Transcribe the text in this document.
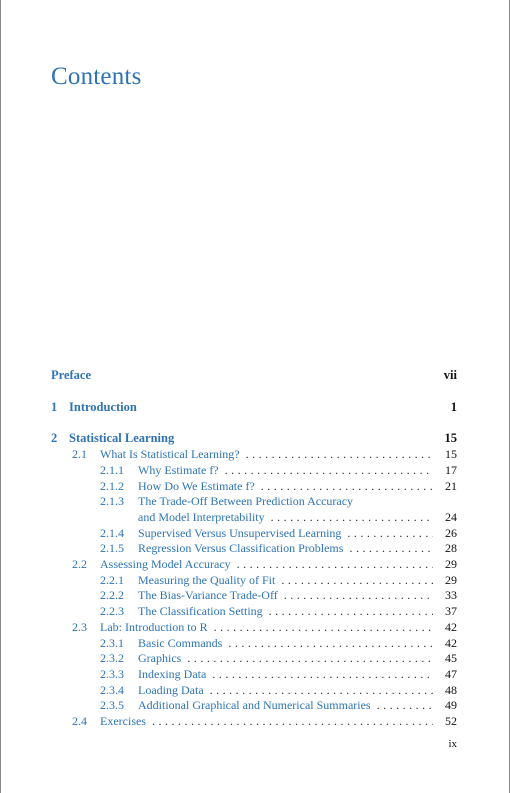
Contents
Preface	vii
1 Introduction	1
2 Statistical Learning	15
2.1	What Is Statistical Learning? . . .	15
2.1.1	Why Estimate f? . . .	17
2.1.2	How Do We Estimate f? . . .	21
2.1.3	The Trade-Off Between Prediction Accuracy
and Model Interpretability . . .	24
2.1.4	Supervised Versus Unsupervised Learning . . .	26
2.1.5	Regression Versus Classification Problems . . .	28
2.2	Assessing Model Accuracy . . .	29
2.2.1	Measuring the Quality of Fit . . .	29
2.2.2	The Bias-Variance Trade-Off . . .	33
2.2.3	The Classification Setting . . .	37
2.3	Lab: Introduction to R . . .	42
2.3.1	Basic Commands . . .	42
2.3.2	Graphics . . .	45
2.3.3	Indexing Data . . .	47
2.3.4	Loading Data . . .	48
2.3.5	Additional Graphical and Numerical Summaries . . .	49
2.4	Exercises . . .	52
ix
